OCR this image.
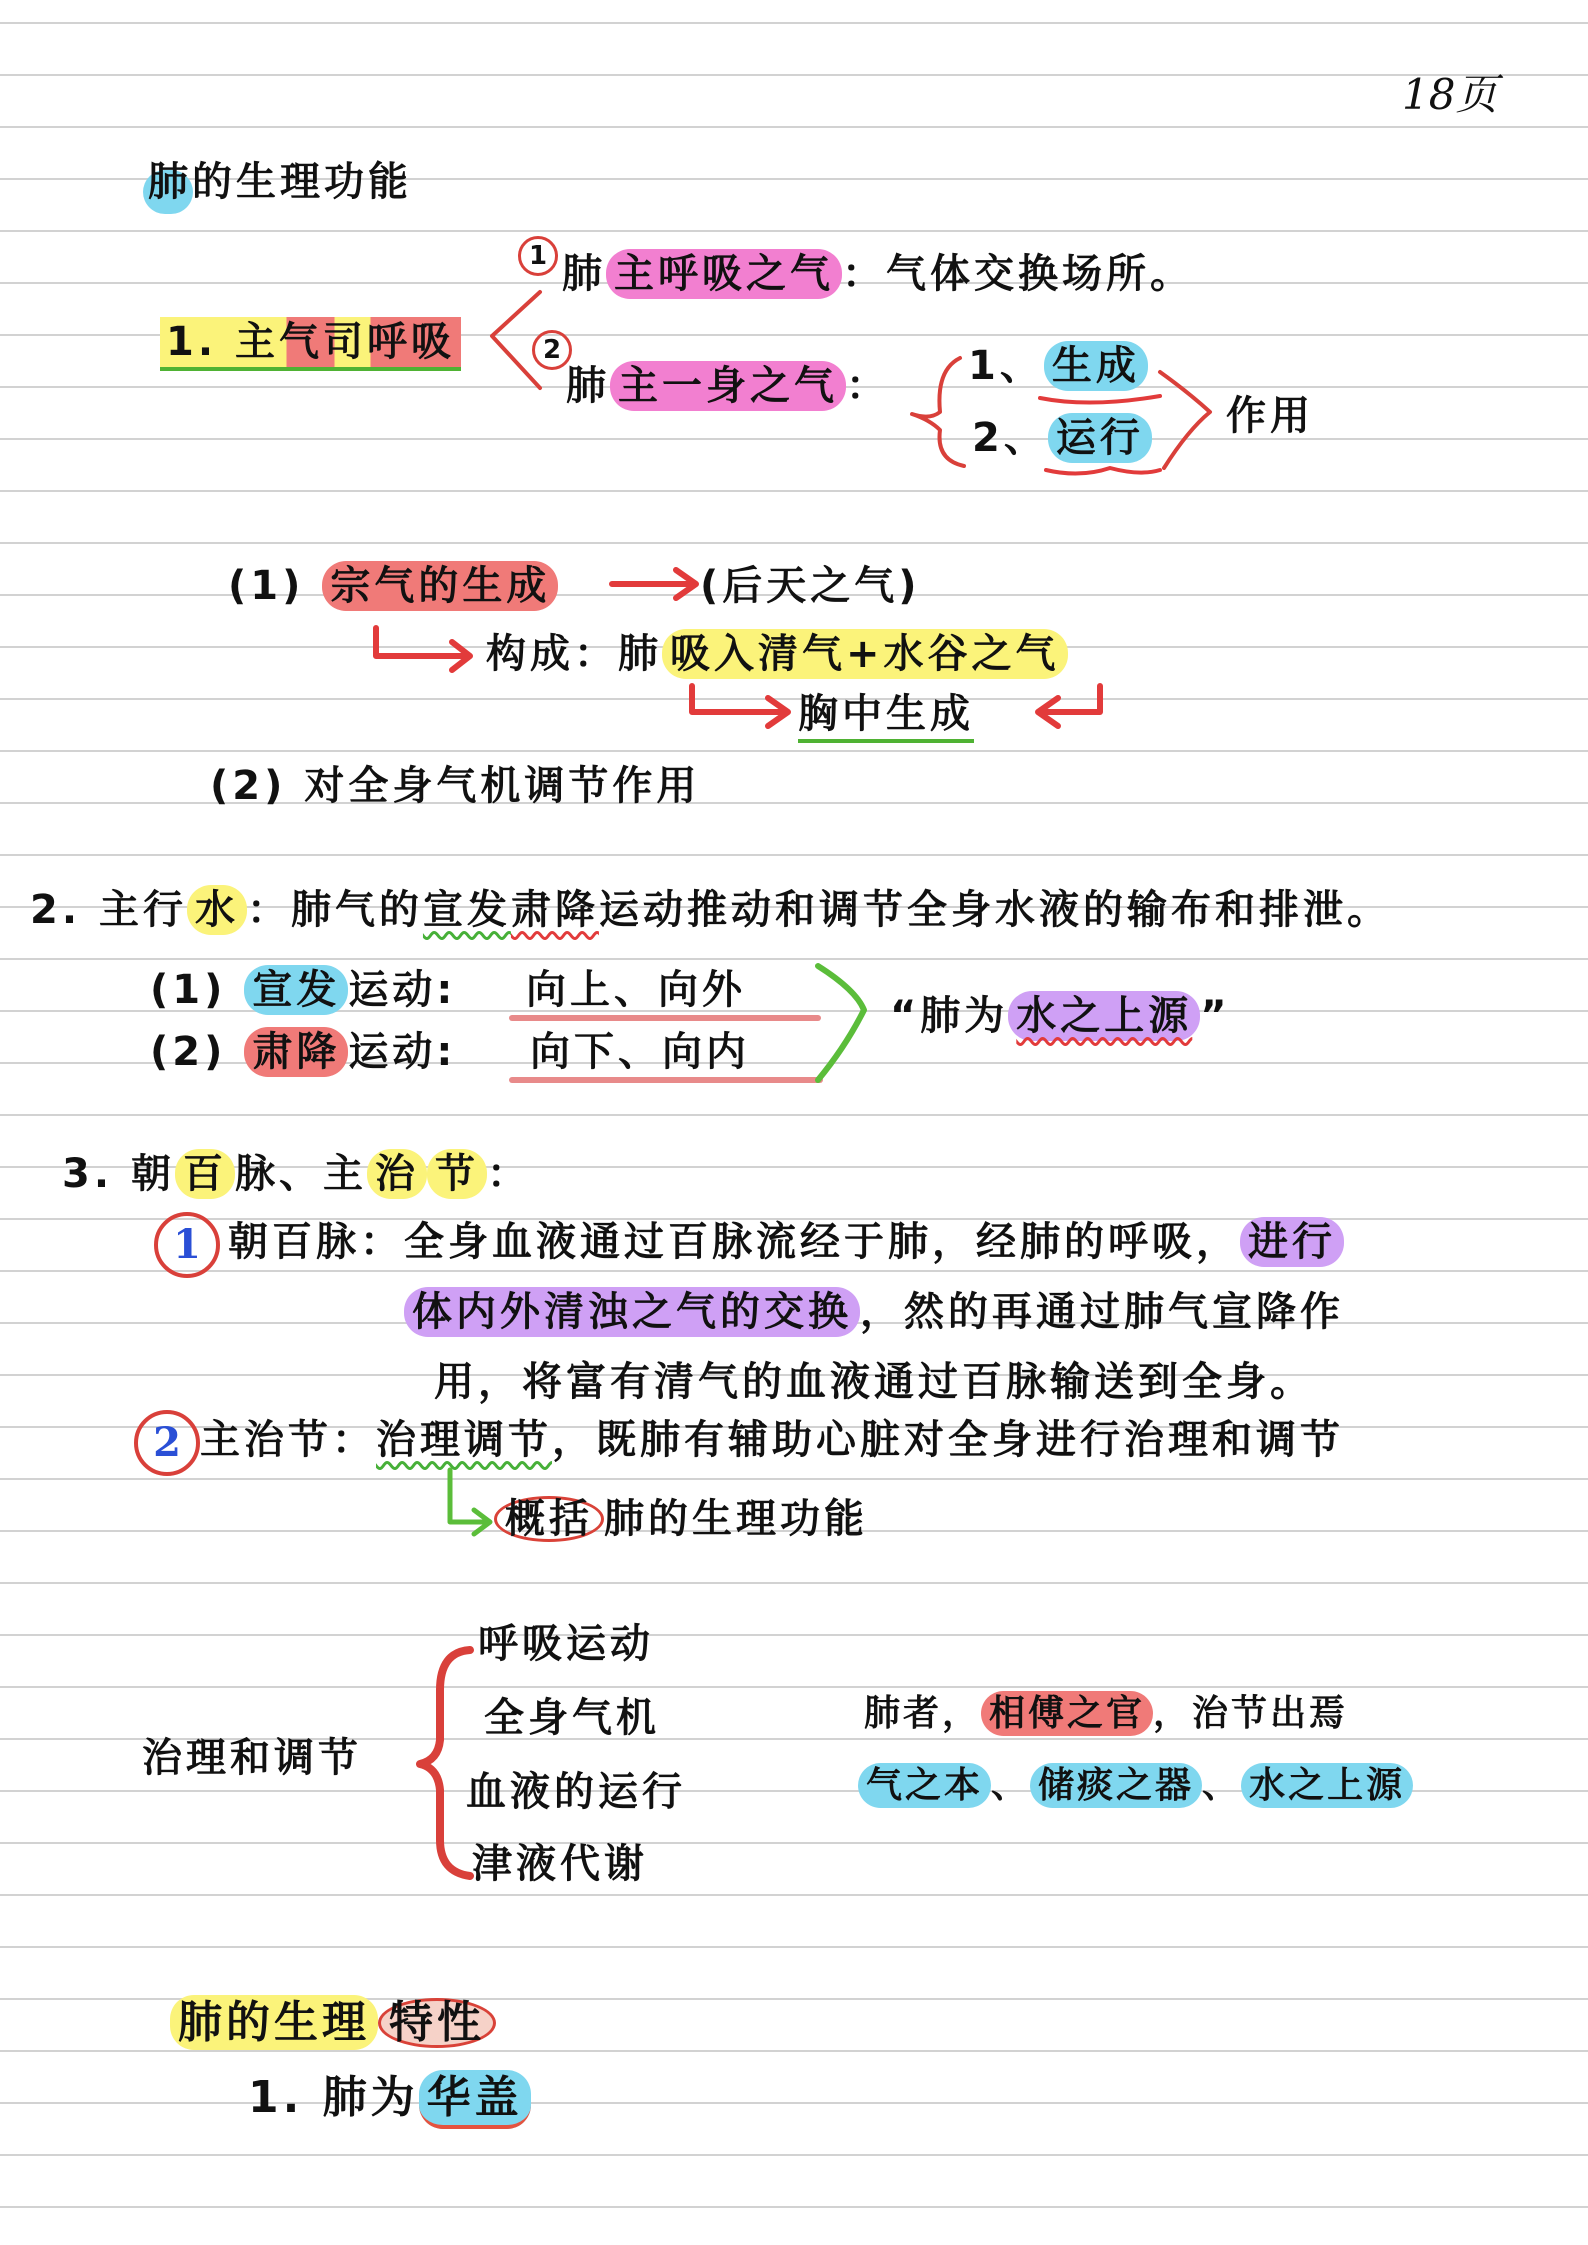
18页
肺的生理功能
1. 主气司呼吸
1 肺 主呼吸之气 ：气体交换场所。
2
肺 主一身之气 ： 1、 生成
2、 运行 作用
(1) 宗气的生成	(后天之气)
构成：肺 吸入清气+水谷之气
胸中生成
(2) 对全身气机调节作用
2. 主行 水 ：肺气的宣发肃降运动推动和调节全身水液的输布和排泄。
(1) 宣发 运动: 向上、向外
(2) 肃降 运动: 向下、向内
“肺为 水之上源 ”
3. 朝 百 脉、主 治 节 ：
1 朝百脉：全身血液通过百脉流经于肺，经肺的呼吸， 进行
体内外清浊之气的交换 ，然的再通过肺气宣降作
用，将富有清气的血液通过百脉输送到全身。
2 主治节：治理调节，既肺有辅助心脏对全身进行治理和调节
概括 肺的生理功能
治理和调节
呼吸运动
全身气机
血液的运行
津液代谢
肺者， 相傅之官 ，治节出焉
气之本 、 储痰之器 、 水之上源
肺的生理 特性
1. 肺为 华盖
